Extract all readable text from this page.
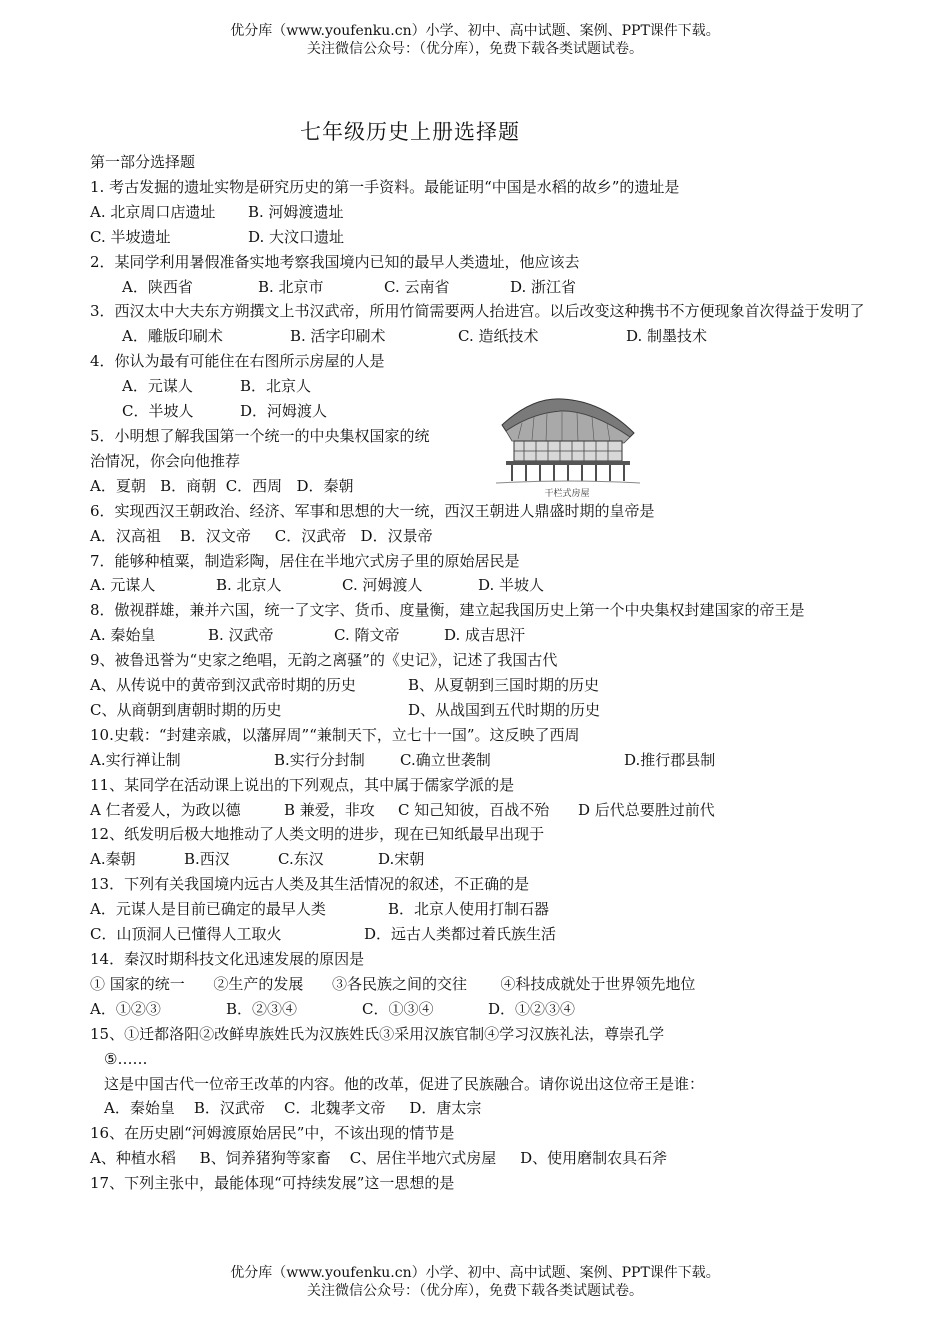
优分库（www.youfenku.cn）小学、初中、高中试题、案例、PPT课件下载。
关注微信公众号：（优分库），免费下载各类试题试卷。
七年级历史上册选择题
干栏式房屋
第一部分选择题
1. 考古发掘的遗址实物是研究历史的第一手资料。最能证明“中国是水稻的故乡”的遗址是
A. 北京周口店遗址 B. 河姆渡遗址
C. 半坡遗址	D. 大汶口遗址
2．某同学利用暑假准备实地考察我国境内已知的最早人类遗址，他应该去
A．陕西省	B. 北京市	C. 云南省	D. 浙江省
3．西汉太中大夫东方朔撰文上书汉武帝，所用竹简需要两人抬进宫。以后改变这种携书不方便现象首次得益于发明了
A．雕版印刷术	B. 活字印刷术	C. 造纸技术	D. 制墨技术
4．你认为最有可能住在右图所示房屋的人是
A．元谋人	B．北京人
C．半坡人	D．河姆渡人
5．小明想了解我国第一个统一的中央集权国家的统
治情况，你会向他推荐
A．夏朝   B．商朝  C．西周   D．秦朝
6．实现西汉王朝政治、经济、军事和思想的大一统，西汉王朝进人鼎盛时期的皇帝是
A．汉高祖    B．汉文帝     C．汉武帝   D．汉景帝
7．能够种植粟，制造彩陶，居住在半地穴式房子里的原始居民是
A. 元谋人	B. 北京人	C. 河姆渡人	D. 半坡人
8．傲视群雄，兼并六国，统一了文字、货币、度量衡，建立起我国历史上第一个中央集权封建国家的帝王是
A. 秦始皇	B. 汉武帝	C. 隋文帝	D. 成吉思汗
9、被鲁迅誉为“史家之绝唱，无韵之离骚”的《史记》，记述了我国古代
A、从传说中的黄帝到汉武帝时期的历史	B、从夏朝到三国时期的历史
C、从商朝到唐朝时期的历史	D、从战国到五代时期的历史
10.史载：“封建亲戚，以藩屏周”“兼制天下，立七十一国”。这反映了西周
A.实行禅让制	B.实行分封制 C.确立世袭制	D.推行郡县制
11、某同学在活动课上说出的下列观点，其中属于儒家学派的是
A 仁者爱人，为政以德	B 兼爱，非攻 C 知己知彼，百战不殆 D 后代总要胜过前代
12、纸发明后极大地推动了人类文明的进步，现在已知纸最早出现于
A.秦朝	B.西汉	C.东汉	D.宋朝
13．下列有关我国境内远古人类及其生活情况的叙述，不正确的是
A．元谋人是目前已确定的最早人类	B．北京人使用打制石器
C．山顶洞人已懂得人工取火	D．远古人类都过着氏族生活
14．秦汉时期科技文化迅速发展的原因是
① 国家的统一      ②生产的发展      ③各民族之间的交往       ④科技成就处于世界领先地位
A．①②③	B．②③④	C．①③④	D．①②③④
15、①迁都洛阳②改鲜卑族姓氏为汉族姓氏③采用汉族官制④学习汉族礼法，尊崇孔学
⑤……
这是中国古代一位帝王改革的内容。他的改革，促进了民族融合。请你说出这位帝王是谁：
A．秦始皇    B．汉武帝    C．北魏孝文帝     D．唐太宗
16、在历史剧“河姆渡原始居民”中，不该出现的情节是
A、种植水稻     B、饲养猪狗等家畜    C、居住半地穴式房屋     D、使用磨制农具石斧
17、下列主张中，最能体现“可持续发展”这一思想的是
优分库（www.youfenku.cn）小学、初中、高中试题、案例、PPT课件下载。
关注微信公众号：（优分库），免费下载各类试题试卷。
